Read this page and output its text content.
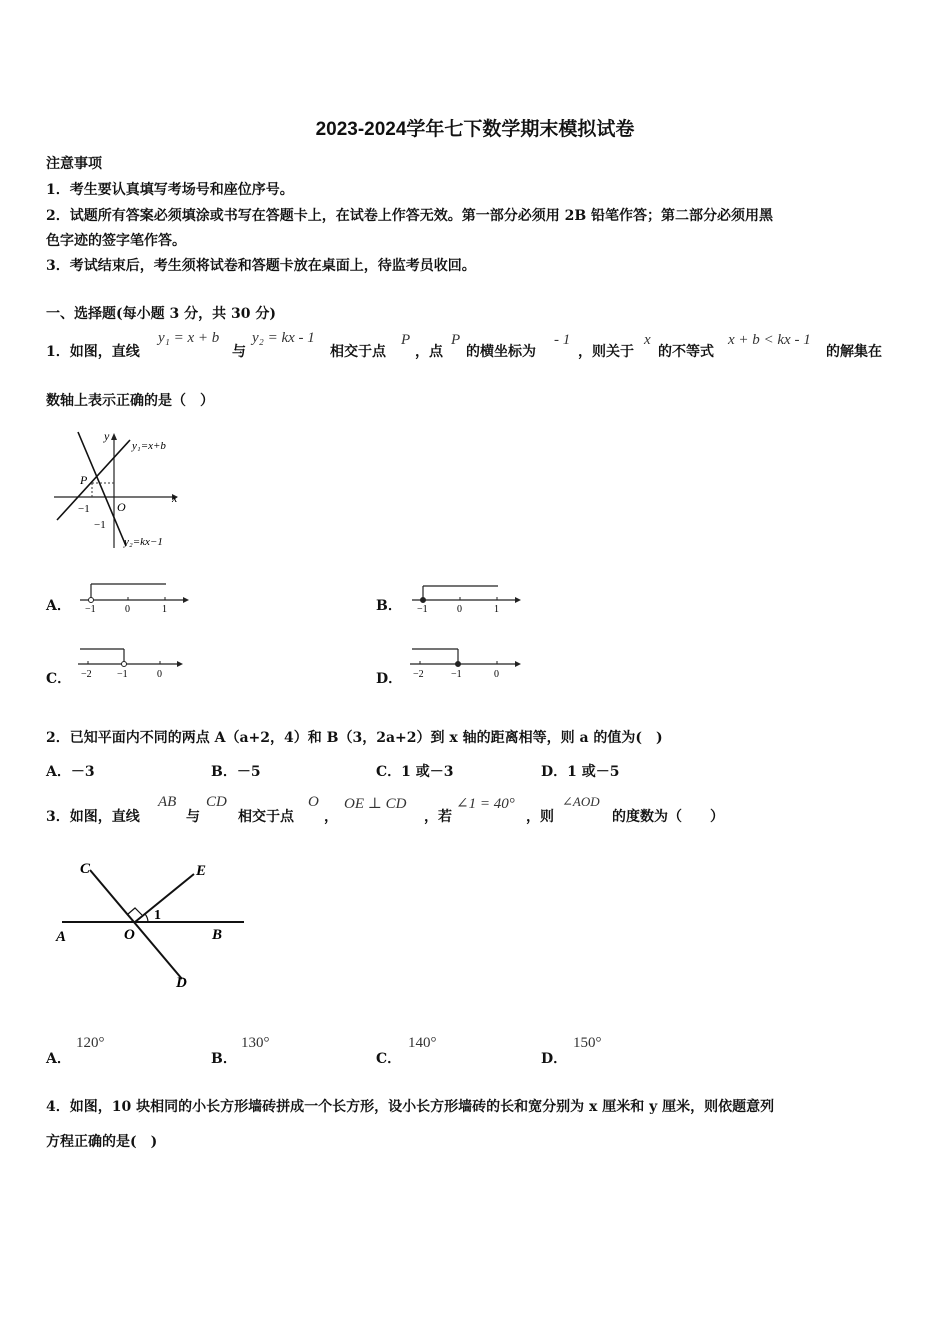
2023-2024学年七下数学期末模拟试卷
注意事项
1．考生要认真填写考场号和座位序号。
2．试题所有答案必须填涂或书写在答题卡上，在试卷上作答无效。第一部分必须用 2B 铅笔作答；第二部分必须用黑
色字迹的签字笔作答。
3．考试结束后，考生须将试卷和答题卡放在桌面上，待监考员收回。
一、选择题(每小题 3 分，共 30 分)
1．如图，直线
y₁ = x + b
与
y₂ = kx - 1
相交于点
P
，点
P
的横坐标为
- 1
，则关于
x
的不等式
x + b < kx - 1
的解集在
数轴上表示正确的是（　）
y
x
O
P
−1
−1
y₁=x+b
y₂=kx−1
A． −1	0	1	B． −1	0	1
C． −2	−1	0	D． −2	−1	0
2．已知平面内不同的两点 A（a+2，4）和 B（3，2a+2）到 x 轴的距离相等，则 a 的值为(　)
A．－3	B．－5	C．1 或－3	D．1 或－5
3．如图，直线
AB
与
CD
相交于点
O
，
OE ⊥ CD
，若
∠1 = 40°
，则
∠AOD
的度数为（　　）
C	E
A	O	B
D
1
A．
120°
B．
130°
C．
140°
D．
150°
4．如图，10 块相同的小长方形墙砖拼成一个长方形，设小长方形墙砖的长和宽分别为 x 厘米和 y 厘米，则依题意列
方程正确的是(　)
